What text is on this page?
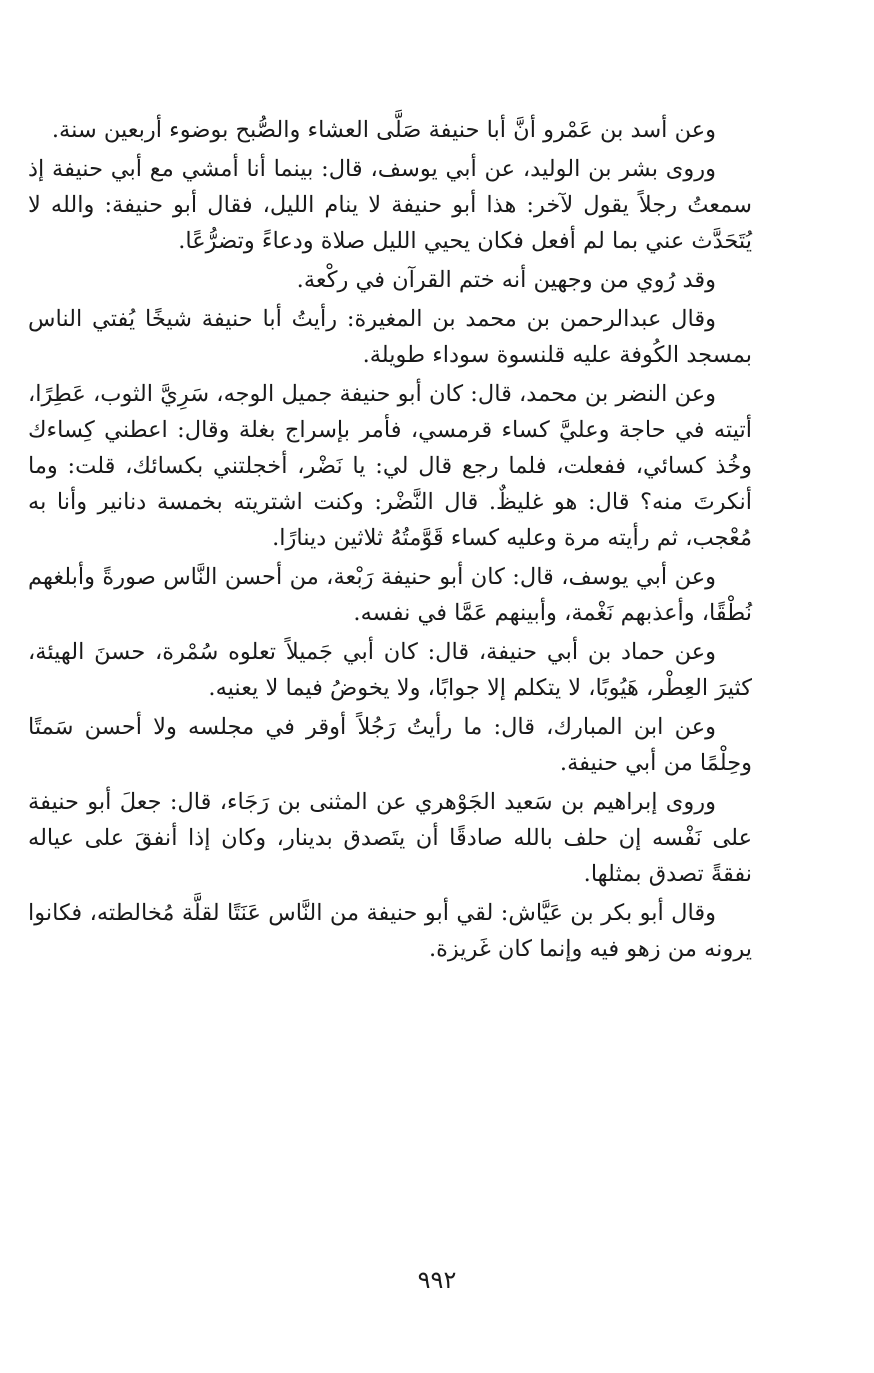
وعن أسد بن عَمْرو أنَّ أبا حنيفة صَلَّى العشاء والصُّبح بوضوء أربعين سنة.

وروى بشر بن الوليد، عن أبي يوسف، قال: بينما أنا أمشي مع أبي حنيفة إذ سمعتُ رجلاً يقول لآخر: هذا أبو حنيفة لا ينام الليل، فقال أبو حنيفة: والله لا يُتَحَدَّث عني بما لم أفعل فكان يحيي الليل صلاة ودعاءً وتضرُّعًا.

وقد رُوي من وجهين أنه ختم القرآن في ركْعة.

وقال عبدالرحمن بن محمد بن المغيرة: رأيتُ أبا حنيفة شيخًا يُفتي الناس بمسجد الكُوفة عليه قلنسوة سوداء طويلة.

وعن النضر بن محمد، قال: كان أبو حنيفة جميل الوجه، سَرِيَّ الثوب، عَطِرًا، أتيته في حاجة وعليَّ كساء قرمسي، فأمر بإسراج بغلة وقال: اعطني كِساءك وخُذ كسائي، ففعلت، فلما رجع قال لي: يا نَضْر، أخجلتني بكسائك، قلت: وما أنكرتَ منه؟ قال: هو غليظٌ. قال النَّضْر: وكنت اشتريته بخمسة دنانير وأنا به مُعْجب، ثم رأيته مرة وعليه كساء قَوَّمتُهُ ثلاثين دينارًا.

وعن أبي يوسف، قال: كان أبو حنيفة رَبْعة، من أحسن النَّاس صورةً وأبلغهم نُطْقًا، وأعذبهم نَغْمة، وأبينهم عَمَّا في نفسه.

وعن حماد بن أبي حنيفة، قال: كان أبي جَميلاً تعلوه سُمْرة، حسنَ الهيئة، كثيرَ العِطْر، هَيُوبًا، لا يتكلم إلا جوابًا، ولا يخوضُ فيما لا يعنيه.

وعن ابن المبارك، قال: ما رأيتُ رَجُلاً أوقر في مجلسه ولا أحسن سَمتًا وحِلْمًا من أبي حنيفة.

وروى إبراهيم بن سَعيد الجَوْهري عن المثنى بن رَجَاء، قال: جعلَ أبو حنيفة على نَفْسه إن حلف بالله صادقًا أن يتَصدق بدينار، وكان إذا أنفقَ على عياله نفقةً تصدق بمثلها.

وقال أبو بكر بن عَيَّاش: لقي أبو حنيفة من النَّاس عَنَتًا لقلَّة مُخالطته، فكانوا يرونه من زهو فيه وإنما كان غَريزة.

٩٩٢
